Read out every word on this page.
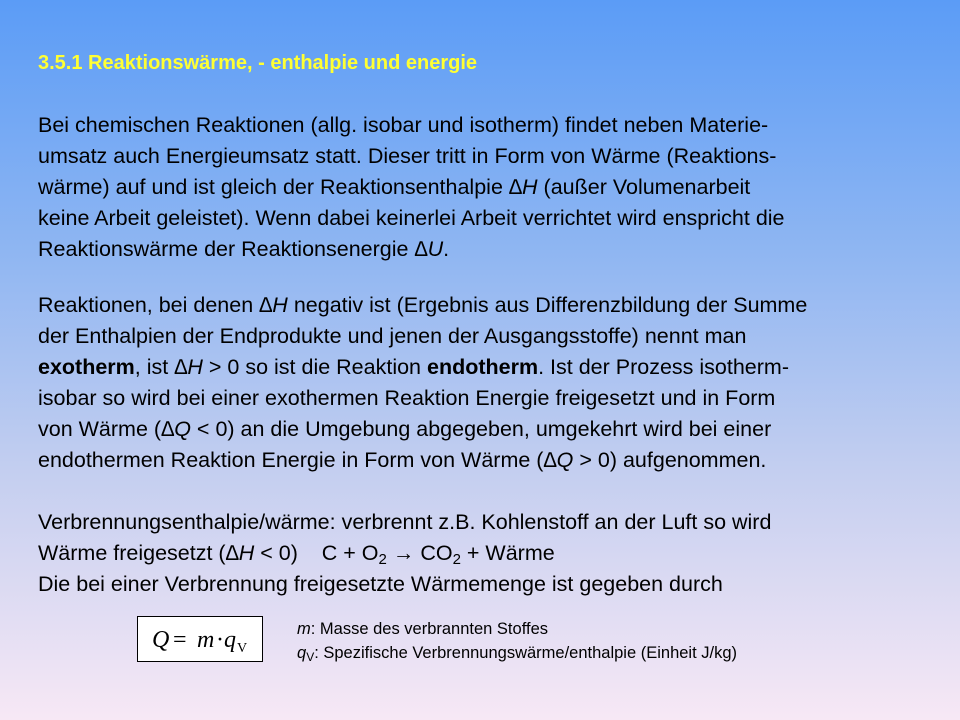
3.5.1 Reaktionswärme, - enthalpie und energie
Bei chemischen Reaktionen (allg. isobar und isotherm) findet neben Materie-
umsatz auch Energieumsatz statt. Dieser tritt in Form von Wärme (Reaktions-
wärme) auf und ist gleich der Reaktionsenthalpie ∆H (außer Volumenarbeit
keine Arbeit geleistet). Wenn dabei keinerlei Arbeit verrichtet wird enspricht die
Reaktionswärme der Reaktionsenergie ∆U.
Reaktionen, bei denen ∆H negativ ist (Ergebnis aus Differenzbildung der Summe
der Enthalpien der Endprodukte und jenen der Ausgangsstoffe) nennt man
exotherm, ist ∆H > 0 so ist die Reaktion endotherm. Ist der Prozess isotherm-
isobar so wird bei einer exothermen Reaktion Energie freigesetzt und in Form
von Wärme (∆Q < 0) an die Umgebung abgegeben, umgekehrt wird bei einer
endothermen Reaktion Energie in Form von Wärme (∆Q > 0) aufgenommen.
Verbrennungsenthalpie/wärme: verbrennt z.B. Kohlenstoff an der Luft so wird
Wärme freigesetzt (∆H < 0)    $C + O_2 \to CO_2$ + Wärme
Die bei einer Verbrennung freigesetzte Wärmemenge ist gegeben durch
Q = m · q V
m: Masse des verbrannten Stoffes
$q_V$: Spezifische Verbrennungswärme/enthalpie (Einheit J/kg)
